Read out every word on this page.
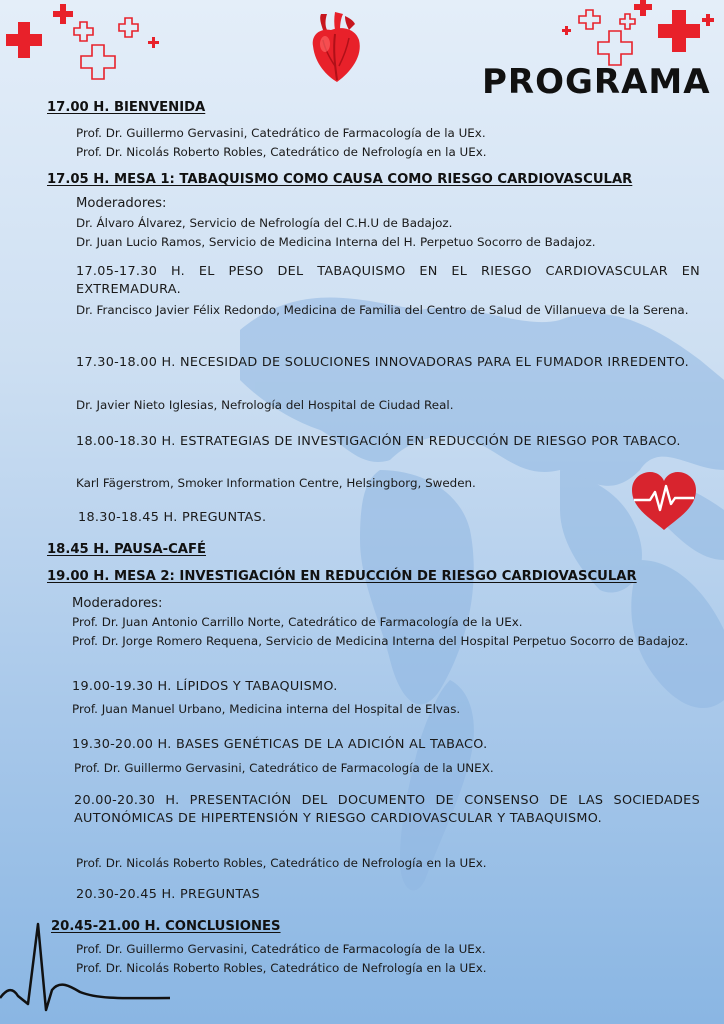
PROGRAMA
17.00 H. BIENVENIDA
Prof. Dr. Guillermo Gervasini, Catedrático de Farmacología de la UEx.
Prof. Dr. Nicolás Roberto Robles, Catedrático de Nefrología en la UEx.
17.05 H. MESA 1: TABAQUISMO COMO CAUSA COMO RIESGO CARDIOVASCULAR
Moderadores:
Dr. Álvaro Álvarez, Servicio de Nefrología del C.H.U de Badajoz.
Dr. Juan Lucio Ramos, Servicio de Medicina Interna del H. Perpetuo Socorro de Badajoz.
17.05-17.30 H. EL PESO DEL TABAQUISMO EN EL RIESGO CARDIOVASCULAR EN EXTREMADURA.
Dr. Francisco Javier Félix Redondo, Medicina de Familia del Centro de Salud de Villanueva de la Serena.
17.30-18.00 H. NECESIDAD DE SOLUCIONES INNOVADORAS PARA EL FUMADOR IRREDENTO.
Dr. Javier Nieto Iglesias, Nefrología del Hospital de Ciudad Real.
18.00-18.30 H. ESTRATEGIAS DE INVESTIGACIÓN EN REDUCCIÓN DE RIESGO POR TABACO.
Karl Fägerstrom, Smoker Information Centre, Helsingborg, Sweden.
18.30-18.45 H. PREGUNTAS.
18.45 H. PAUSA-CAFÉ
19.00 H. MESA 2: INVESTIGACIÓN EN REDUCCIÓN DE RIESGO CARDIOVASCULAR
Moderadores:
Prof. Dr. Juan Antonio Carrillo Norte, Catedrático de Farmacología de la UEx.
Prof. Dr. Jorge Romero Requena, Servicio de Medicina Interna del Hospital Perpetuo Socorro de Badajoz.
19.00-19.30 H. LÍPIDOS Y TABAQUISMO.
Prof. Juan Manuel Urbano, Medicina interna del Hospital de Elvas.
19.30-20.00 H. BASES GENÉTICAS DE LA ADICIÓN AL TABACO.
Prof. Dr. Guillermo Gervasini, Catedrático de Farmacología de la UNEX.
20.00-20.30 H. PRESENTACIÓN DEL DOCUMENTO DE CONSENSO DE LAS SOCIEDADES AUTONÓMICAS DE HIPERTENSIÓN Y RIESGO CARDIOVASCULAR Y TABAQUISMO.
Prof. Dr. Nicolás Roberto Robles, Catedrático de Nefrología en la UEx.
20.30-20.45 H. PREGUNTAS
20.45-21.00 H. CONCLUSIONES
Prof. Dr. Guillermo Gervasini, Catedrático de Farmacología de la UEx.
Prof. Dr. Nicolás Roberto Robles, Catedrático de Nefrología en la UEx.
